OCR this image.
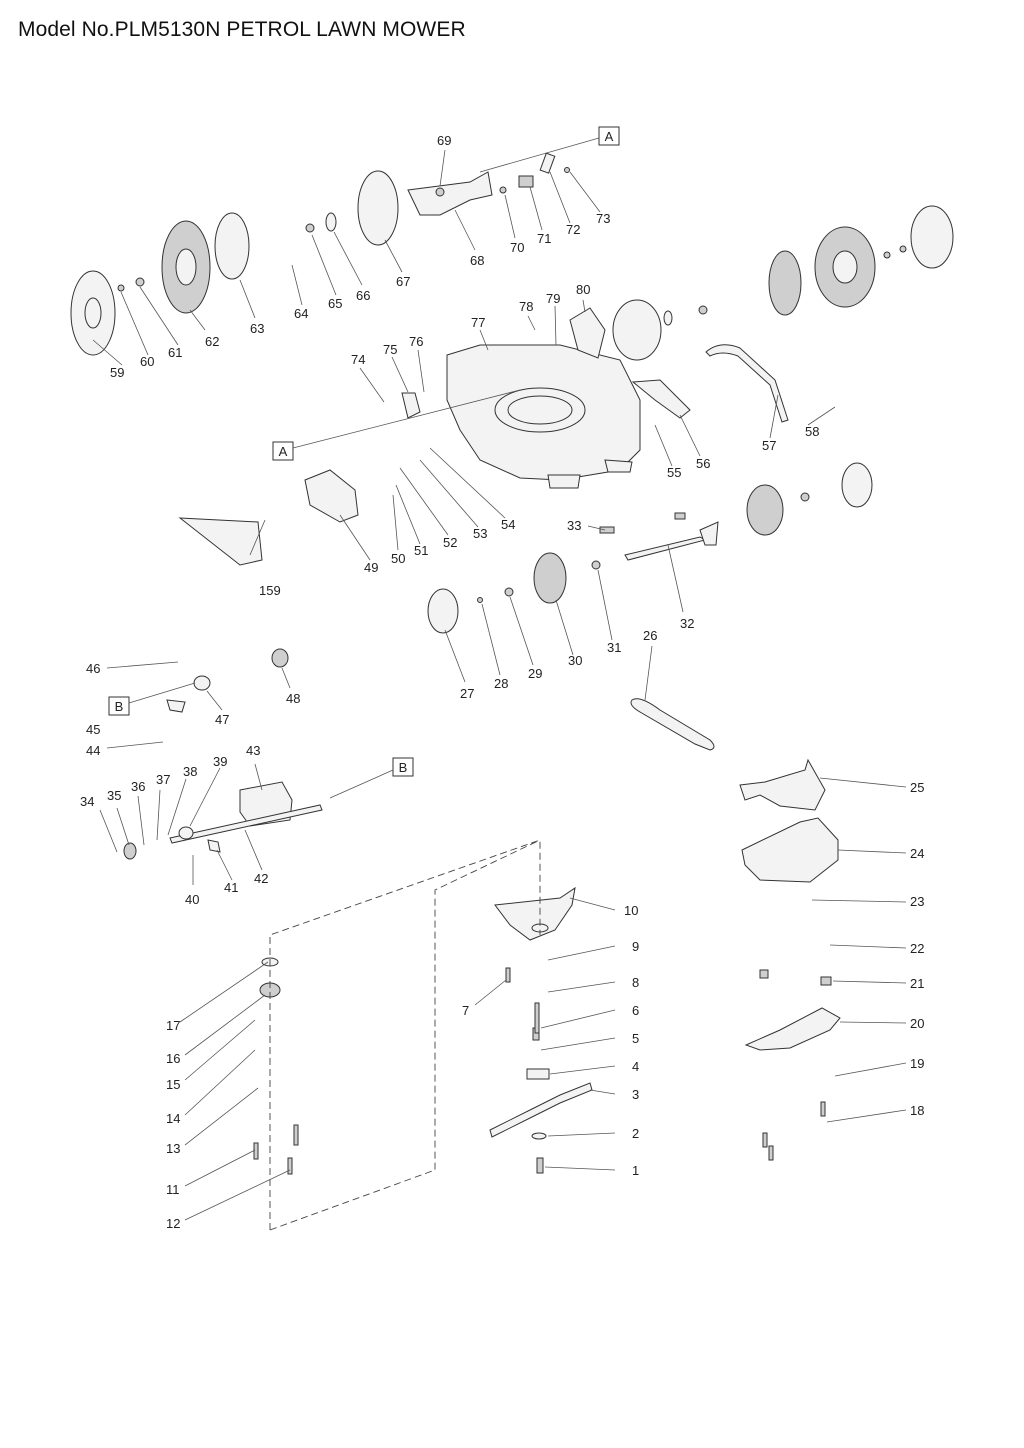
Model No.PLM5130N PETROL LAWN MOWER
A
A
B
B
1
2
3
4
5
6
7
8
9
10
11
12
13
14
15
16
17
18
19
20
21
22
23
24
25
26
27
28
29
30
31
32
33
34 35
36 37
38
39
40
41
42
43
44
45
46
47
48
49
50
51
52
53
54
55
56
57
58
59
60
61
62
63
64
65
66
67
68
69
70
71
72
73
74
75
76
77
78
79
80
159
